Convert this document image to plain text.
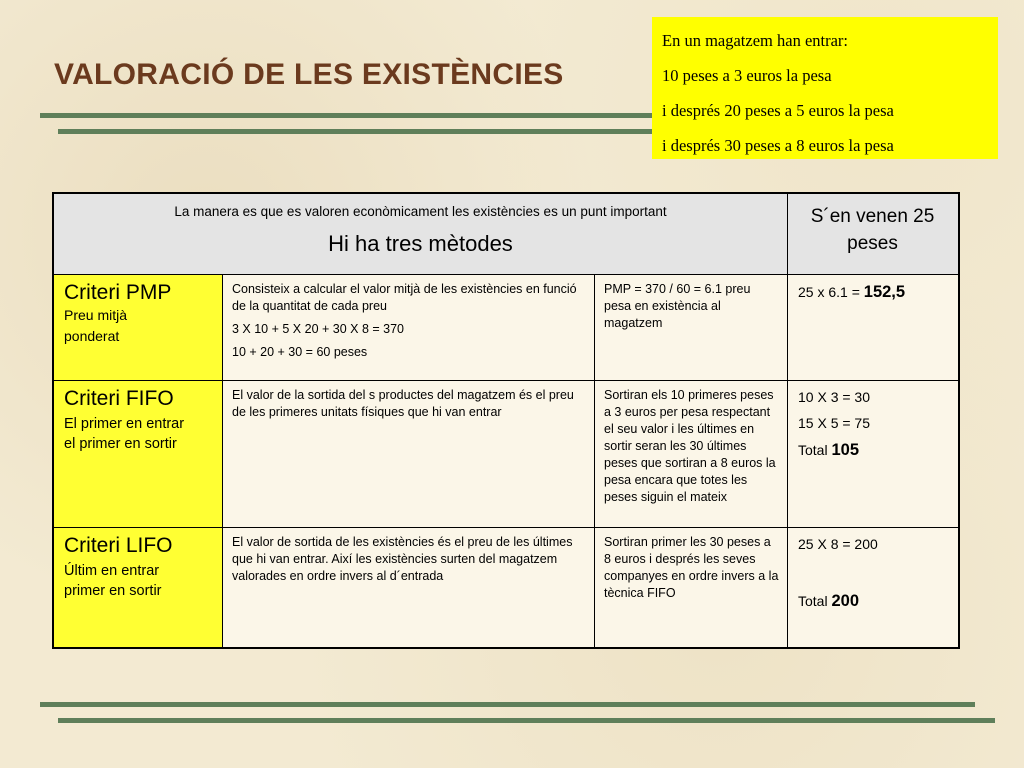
VALORACIÓ DE LES EXISTÈNCIES
En un magatzem han entrar:
10 peses a 3 euros la pesa
i després 20 peses a 5 euros la pesa
i després 30 peses a 8 euros la pesa
La manera es que es valoren econòmicament les existències es un punt important
Hi ha tres mètodes
S´en venen 25 peses
Criteri PMP
Preu mitjà
ponderat

Consisteix a calcular el valor mitjà de les existències en funció de la quantitat de cada preu

3 X 10 + 5 X 20 + 30 X 8 = 370

10 + 20 + 30 = 60 peses

PMP = 370 / 60 = 6.1 preu pesa en existència al magatzem

25 x 6.1 = 152,5

Criteri FIFO
El primer en entrar
el primer en sortir

El valor de la sortida del s productes del magatzem és el preu de les primeres unitats físiques que hi van entrar

Sortiran els 10 primeres peses a 3 euros per pesa respectant el seu valor i les últimes en sortir seran les 30 últimes peses que sortiran a 8 euros la pesa encara que totes les peses siguin el mateix

10 X 3 = 30

15 X 5 = 75

Total 105

Criteri LIFO
Últim en entrar
primer en sortir

El valor de sortida de les existències és el preu de les últimes que hi van entrar. Així les existències surten del magatzem valorades en ordre invers al d´entrada

Sortiran primer les 30 peses a 8 euros i després les seves companyes en ordre invers a la tècnica FIFO

25 X 8 = 200

Total 200
